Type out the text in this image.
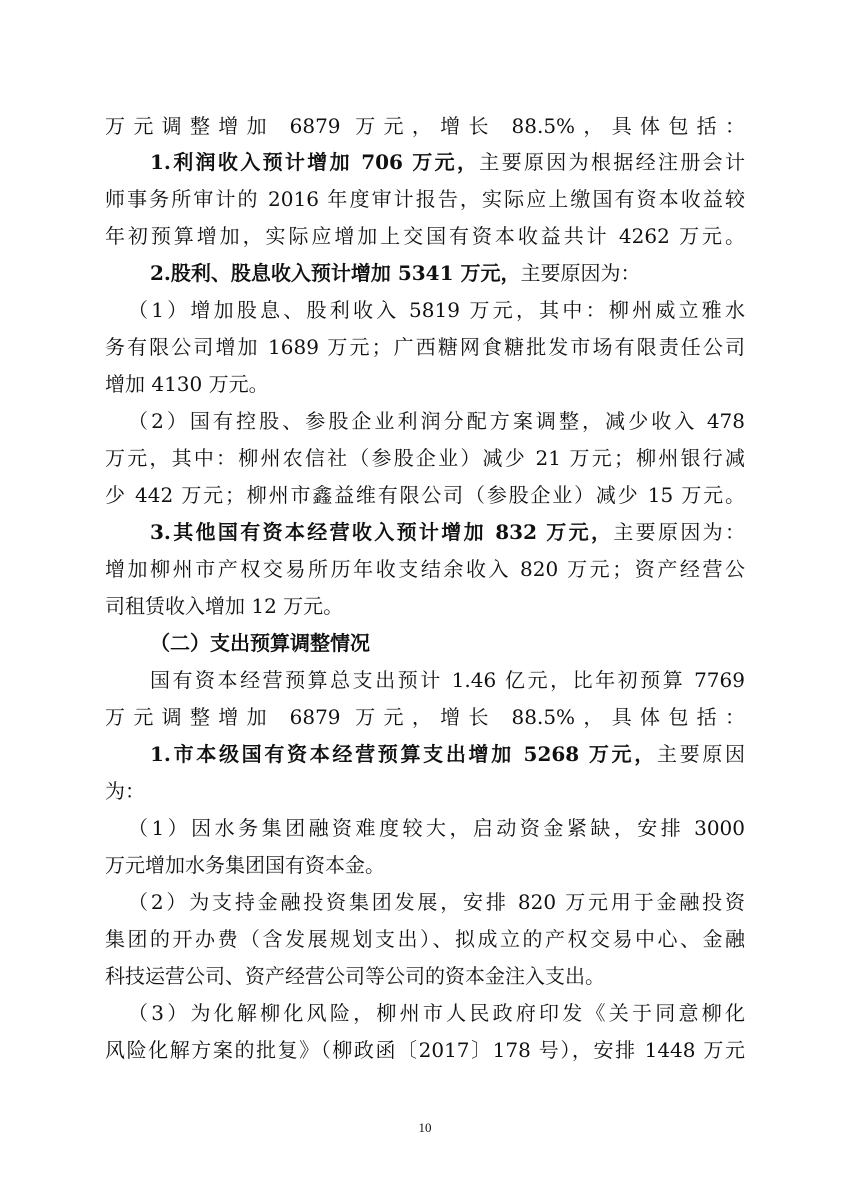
万元调整增加 6879 万元，增长 88.5%，具体包括：
1.利润收入预计增加 706 万元，主要原因为根据经注册会计
师事务所审计的 2016 年度审计报告，实际应上缴国有资本收益较
年初预算增加，实际应增加上交国有资本收益共计 4262 万元。
2.股利、股息收入预计增加 5341 万元，主要原因为：
（1）增加股息、股利收入 5819 万元，其中：柳州威立雅水
务有限公司增加 1689 万元；广西糖网食糖批发市场有限责任公司
增加 4130 万元。
（2）国有控股、参股企业利润分配方案调整，减少收入 478
万元，其中：柳州农信社（参股企业）减少 21 万元；柳州银行减
少 442 万元；柳州市鑫益维有限公司（参股企业）减少 15 万元。
3.其他国有资本经营收入预计增加 832 万元，主要原因为：
增加柳州市产权交易所历年收支结余收入 820 万元；资产经营公
司租赁收入增加 12 万元。
（二）支出预算调整情况
国有资本经营预算总支出预计 1.46 亿元，比年初预算 7769
万元调整增加 6879 万元，增长 88.5%，具体包括：
1.市本级国有资本经营预算支出增加 5268 万元，主要原因
为：
（1）因水务集团融资难度较大，启动资金紧缺，安排 3000
万元增加水务集团国有资本金。
（2）为支持金融投资集团发展，安排 820 万元用于金融投资
集团的开办费（含发展规划支出）、拟成立的产权交易中心、金融
科技运营公司、资产经营公司等公司的资本金注入支出。
（3）为化解柳化风险，柳州市人民政府印发《关于同意柳化
风险化解方案的批复》（柳政函〔2017〕178 号），安排 1448 万元
10
